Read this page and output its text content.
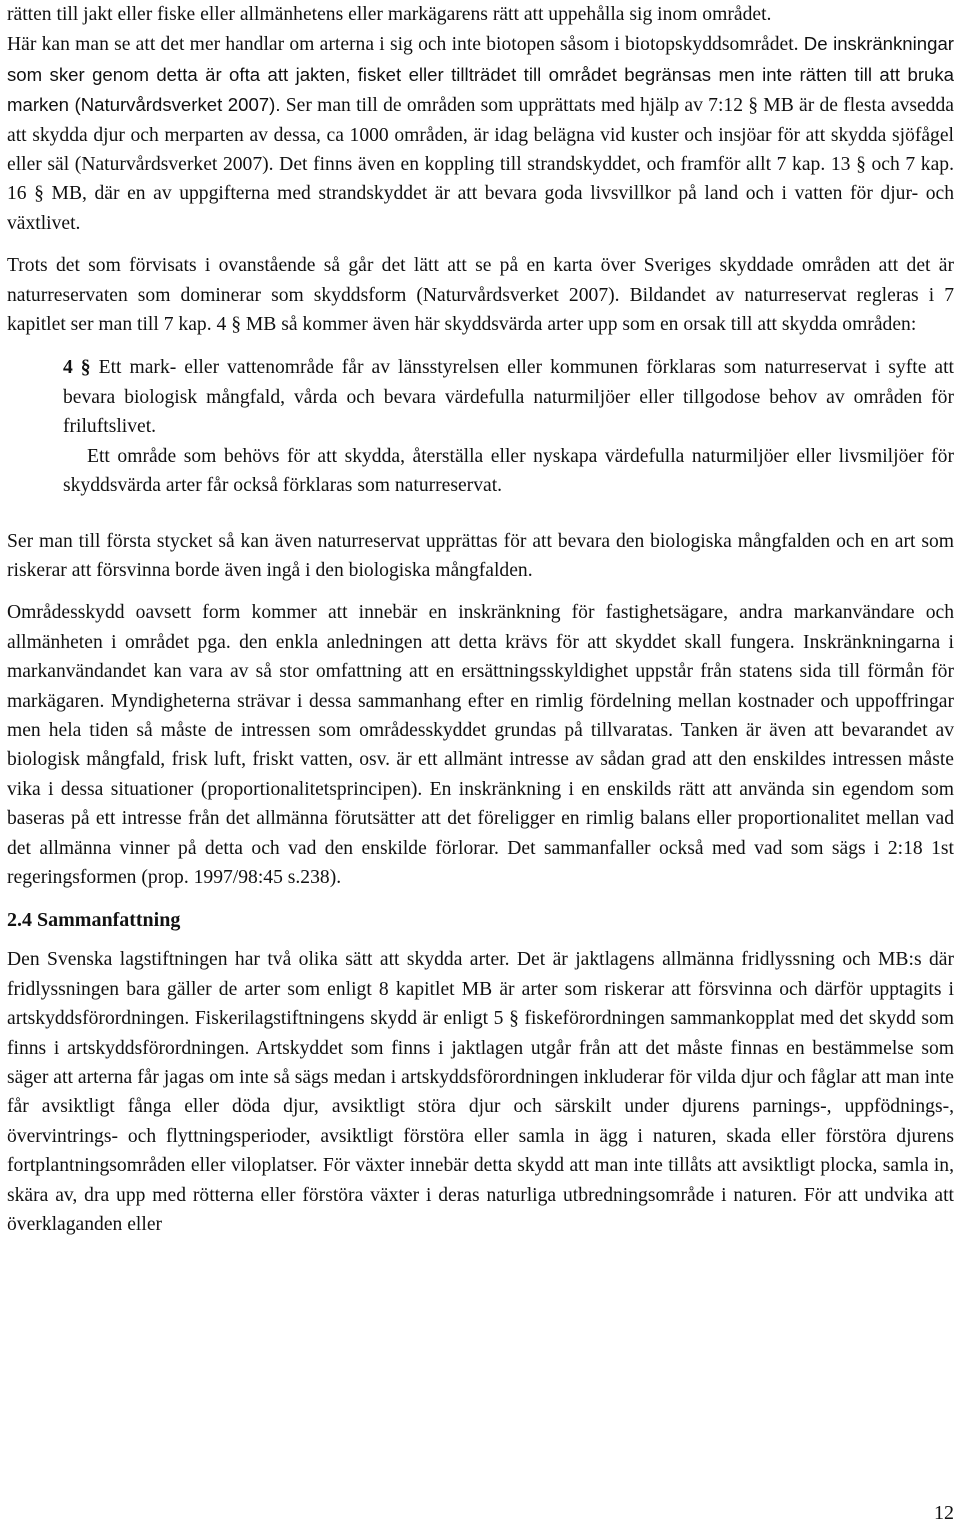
rätten till jakt eller fiske eller allmänhetens eller markägarens rätt att uppehålla sig inom området.
Här kan man se att det mer handlar om arterna i sig och inte biotopen såsom i biotopskyddsområdet. De inskränkningar som sker genom detta är ofta att jakten, fisket eller tillträdet till området begränsas men inte rätten till att bruka marken (Naturvårdsverket 2007). Ser man till de områden som upprättats med hjälp av 7:12 § MB är de flesta avsedda att skydda djur och merparten av dessa, ca 1000 områden, är idag belägna vid kuster och insjöar för att skydda sjöfågel eller säl (Naturvårdsverket 2007). Det finns även en koppling till strandskyddet, och framför allt 7 kap. 13 § och 7 kap. 16 § MB, där en av uppgifterna med strandskyddet är att bevara goda livsvillkor på land och i vatten för djur- och växtlivet.

Trots det som förvisats i ovanstående så går det lätt att se på en karta över Sveriges skyddade områden att det är naturreservaten som dominerar som skyddsform (Naturvårdsverket 2007). Bildandet av naturreservat regleras i 7 kapitlet ser man till 7 kap. 4 § MB så kommer även här skyddsvärda arter upp som en orsak till att skydda områden:

4 § Ett mark- eller vattenområde får av länsstyrelsen eller kommunen förklaras som naturreservat i syfte att bevara biologisk mångfald, vårda och bevara värdefulla naturmiljöer eller tillgodose behov av områden för friluftslivet.

Ett område som behövs för att skydda, återställa eller nyskapa värdefulla naturmiljöer eller livsmiljöer för skyddsvärda arter får också förklaras som naturreservat.

Ser man till första stycket så kan även naturreservat upprättas för att bevara den biologiska mångfalden och en art som riskerar att försvinna borde även ingå i den biologiska mångfalden.

Områdesskydd oavsett form kommer att innebär en inskränkning för fastighetsägare, andra markanvändare och allmänheten i området pga. den enkla anledningen att detta krävs för att skyddet skall fungera. Inskränkningarna i markanvändandet kan vara av så stor omfattning att en ersättningsskyldighet uppstår från statens sida till förmån för markägaren. Myndigheterna strävar i dessa sammanhang efter en rimlig fördelning mellan kostnader och uppoffringar men hela tiden så måste de intressen som områdesskyddet grundas på tillvaratas. Tanken är även att bevarandet av biologisk mångfald, frisk luft, friskt vatten, osv. är ett allmänt intresse av sådan grad att den enskildes intressen måste vika i dessa situationer (proportionalitetsprincipen). En inskränkning i en enskilds rätt att använda sin egendom som baseras på ett intresse från det allmänna förutsätter att det föreligger en rimlig balans eller proportionalitet mellan vad det allmänna vinner på detta och vad den enskilde förlorar. Det sammanfaller också med vad som sägs i 2:18 1st regeringsformen (prop. 1997/98:45 s.238).

2.4 Sammanfattning

Den Svenska lagstiftningen har två olika sätt att skydda arter. Det är jaktlagens allmänna fridlyssning och MB:s där fridlyssningen bara gäller de arter som enligt 8 kapitlet MB är arter som riskerar att försvinna och därför upptagits i artskyddsförordningen. Fiskerilagstiftningens skydd är enligt 5 § fiskeförordningen sammankopplat med det skydd som finns i artskyddsförordningen. Artskyddet som finns i jaktlagen utgår från att det måste finnas en bestämmelse som säger att arterna får jagas om inte så sägs medan i artskyddsförordningen inkluderar för vilda djur och fåglar att man inte får avsiktligt fånga eller döda djur, avsiktligt störa djur och särskilt under djurens parnings-, uppfödnings-, övervintrings- och flyttningsperioder, avsiktligt förstöra eller samla in ägg i naturen, skada eller förstöra djurens fortplantningsområden eller viloplatser. För växter innebär detta skydd att man inte tillåts att avsiktligt plocka, samla in, skära av, dra upp med rötterna eller förstöra växter i deras naturliga utbredningsområde i naturen. För att undvika att överklaganden eller

12
